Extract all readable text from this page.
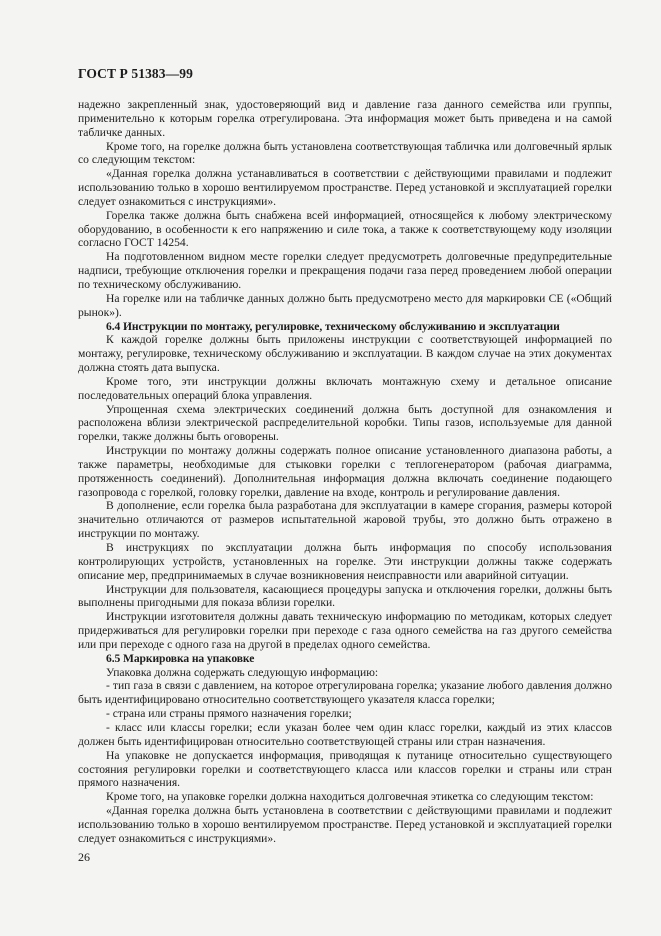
ГОСТ Р 51383—99

надежно закрепленный знак, удостоверяющий вид и давление газа данного семейства или группы, применительно к которым горелка отрегулирована. Эта информация может быть приведена и на самой табличке данных.

Кроме того, на горелке должна быть установлена соответствующая табличка или долговечный ярлык со следующим текстом:

«Данная горелка должна устанавливаться в соответствии с действующими правилами и подлежит использованию только в хорошо вентилируемом пространстве. Перед установкой и эксплуатацией горелки следует ознакомиться с инструкциями».

Горелка также должна быть снабжена всей информацией, относящейся к любому электрическому оборудованию, в особенности к его напряжению и силе тока, а также к соответствующему коду изоляции согласно ГОСТ 14254.

На подготовленном видном месте горелки следует предусмотреть долговечные предупредительные надписи, требующие отключения горелки и прекращения подачи газа перед проведением любой операции по техническому обслуживанию.

На горелке или на табличке данных должно быть предусмотрено место для маркировки СЕ («Общий рынок»).

6.4 Инструкции по монтажу, регулировке, техническому обслуживанию и эксплуатации

К каждой горелке должны быть приложены инструкции с соответствующей информацией по монтажу, регулировке, техническому обслуживанию и эксплуатации. В каждом случае на этих документах должна стоять дата выпуска.

Кроме того, эти инструкции должны включать монтажную схему и детальное описание последовательных операций блока управления.

Упрощенная схема электрических соединений должна быть доступной для ознакомления и расположена вблизи электрической распределительной коробки. Типы газов, используемые для данной горелки, также должны быть оговорены.

Инструкции по монтажу должны содержать полное описание установленного диапазона работы, а также параметры, необходимые для стыковки горелки с теплогенератором (рабочая диаграмма, протяженность соединений). Дополнительная информация должна включать соединение подающего газопровода с горелкой, головку горелки, давление на входе, контроль и регулирование давления.

В дополнение, если горелка была разработана для эксплуатации в камере сгорания, размеры которой значительно отличаются от размеров испытательной жаровой трубы, это должно быть отражено в инструкции по монтажу.

В инструкциях по эксплуатации должна быть информация по способу использования контролирующих устройств, установленных на горелке. Эти инструкции должны также содержать описание мер, предпринимаемых в случае возникновения неисправности или аварийной ситуации.

Инструкции для пользователя, касающиеся процедуры запуска и отключения горелки, должны быть выполнены пригодными для показа вблизи горелки.

Инструкции изготовителя должны давать техническую информацию по методикам, которых следует придерживаться для регулировки горелки при переходе с газа одного семейства на газ другого семейства или при переходе с одного газа на другой в пределах одного семейства.

6.5 Маркировка на упаковке

Упаковка должна содержать следующую информацию:

- тип газа в связи с давлением, на которое отрегулирована горелка; указание любого давления должно быть идентифицировано относительно соответствующего указателя класса горелки;

- страна или страны прямого назначения горелки;

- класс или классы горелки; если указан более чем один класс горелки, каждый из этих классов должен быть идентифицирован относительно соответствующей страны или стран назначения.

На упаковке не допускается информация, приводящая к путанице относительно существующего состояния регулировки горелки и соответствующего класса или классов горелки и страны или стран прямого назначения.

Кроме того, на упаковке горелки должна находиться долговечная этикетка со следующим текстом:

«Данная горелка должна быть установлена в соответствии с действующими правилами и подлежит использованию только в хорошо вентилируемом пространстве. Перед установкой и эксплуатацией горелки следует ознакомиться с инструкциями».

26
